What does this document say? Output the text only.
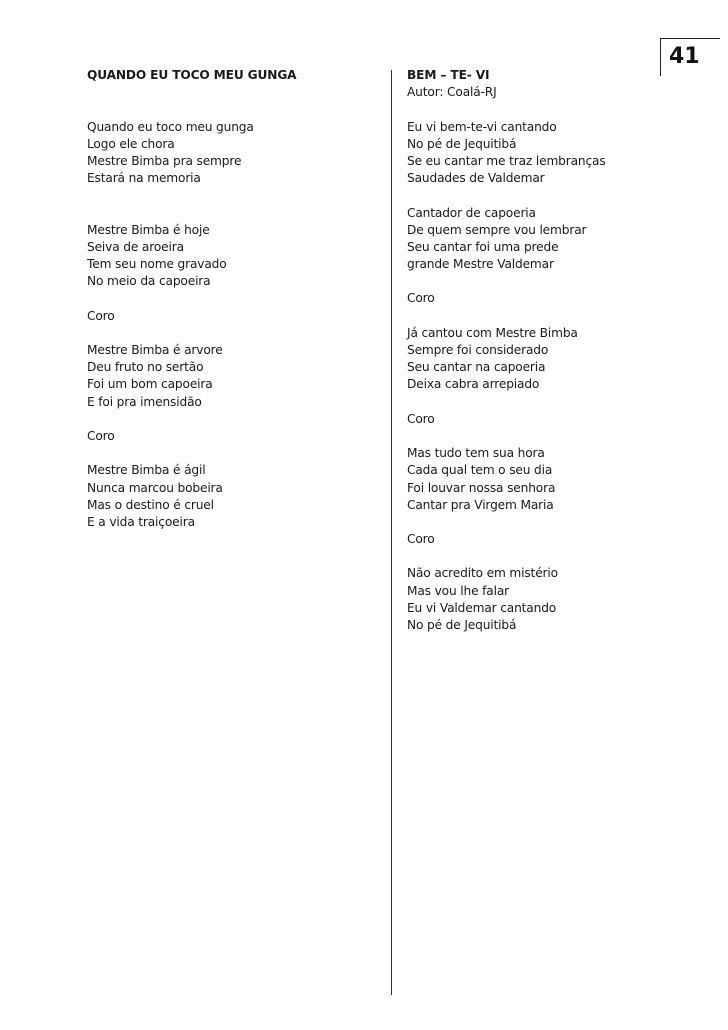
41
QUANDO EU TOCO MEU GUNGA
Quando eu toco meu gunga
Logo ele chora
Mestre Bimba pra sempre
Estará na memoria
Mestre Bimba é hoje
Seiva de aroeira
Tem seu nome gravado
No meio da capoeira
Coro
Mestre Bimba é arvore
Deu fruto no sertão
Foi um bom capoeira
E foi pra imensidão
Coro
Mestre Bimba é ágil
Nunca marcou bobeira
Mas o destino é cruel
E a vida traiçoeira
BEM – TE- VI
Autor: Coalá-RJ
Eu vi bem-te-vi cantando
No pé de Jequitibá
Se eu cantar me traz lembranças
Saudades de Valdemar
Cantador de capoeria
De quem sempre vou lembrar
Seu cantar foi uma prede
grande Mestre Valdemar
Coro
Já cantou com Mestre Bimba
Sempre foi considerado
Seu cantar na capoeria
Deixa cabra arrepiado
Coro
Mas tudo tem sua hora
Cada qual tem o seu dia
Foi louvar nossa senhora
Cantar pra Virgem Maria
Coro
Não acredito em mistério
Mas vou lhe falar
Eu vi Valdemar cantando
No pé de Jequitibá
